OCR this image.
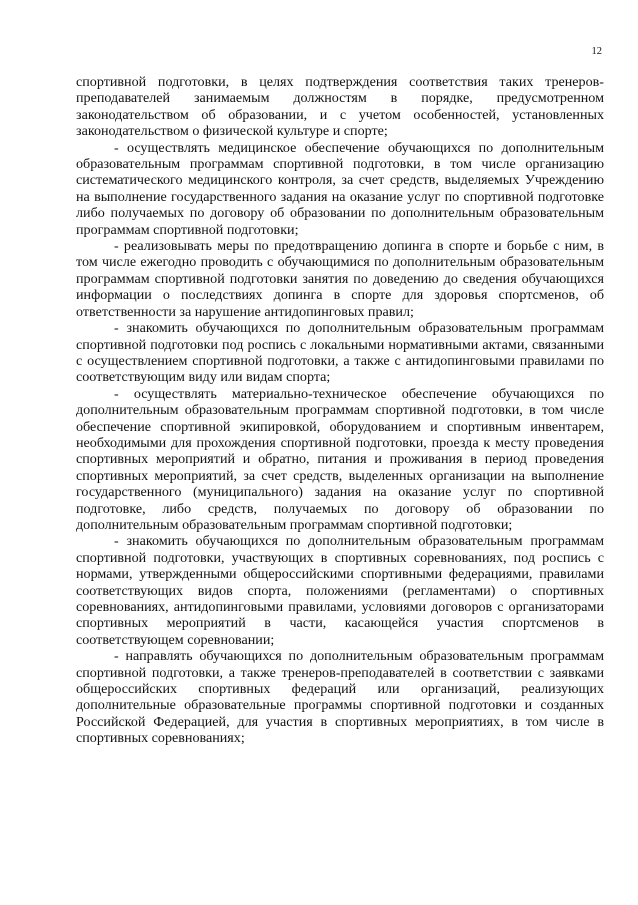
12

спортивной подготовки, в целях подтверждения соответствия таких тренеров-преподавателей занимаемым должностям в порядке, предусмотренном законодательством об образовании, и с учетом особенностей, установленных законодательством о физической культуре и спорте;

- осуществлять медицинское обеспечение обучающихся по дополнительным образовательным программам спортивной подготовки, в том числе организацию систематического медицинского контроля, за счет средств, выделяемых Учреждению на выполнение государственного задания на оказание услуг по спортивной подготовке либо получаемых по договору об образовании по дополнительным образовательным программам спортивной подготовки;

- реализовывать меры по предотвращению допинга в спорте и борьбе с ним, в том числе ежегодно проводить с обучающимися по дополнительным образовательным программам спортивной подготовки занятия по доведению до сведения обучающихся информации о последствиях допинга в спорте для здоровья спортсменов, об ответственности за нарушение антидопинговых правил;

- знакомить обучающихся по дополнительным образовательным программам спортивной подготовки под роспись с локальными нормативными актами, связанными с осуществлением спортивной подготовки, а также с антидопинговыми правилами по соответствующим виду или видам спорта;

- осуществлять материально-техническое обеспечение обучающихся по дополнительным образовательным программам спортивной подготовки, в том числе обеспечение спортивной экипировкой, оборудованием и спортивным инвентарем, необходимыми для прохождения спортивной подготовки, проезда к месту проведения спортивных мероприятий и обратно, питания и проживания в период проведения спортивных мероприятий, за счет средств, выделенных организации на выполнение государственного (муниципального) задания на оказание услуг по спортивной подготовке, либо средств, получаемых по договору об образовании по дополнительным образовательным программам спортивной подготовки;

- знакомить обучающихся по дополнительным образовательным программам спортивной подготовки, участвующих в спортивных соревнованиях, под роспись с нормами, утвержденными общероссийскими спортивными федерациями, правилами соответствующих видов спорта, положениями (регламентами) о спортивных соревнованиях, антидопинговыми правилами, условиями договоров с организаторами спортивных мероприятий в части, касающейся участия спортсменов в соответствующем соревновании;

- направлять обучающихся по дополнительным образовательным программам спортивной подготовки, а также тренеров-преподавателей в соответствии с заявками общероссийских спортивных федераций или организаций, реализующих дополнительные образовательные программы спортивной подготовки и созданных Российской Федерацией, для участия в спортивных мероприятиях, в том числе в спортивных соревнованиях;
